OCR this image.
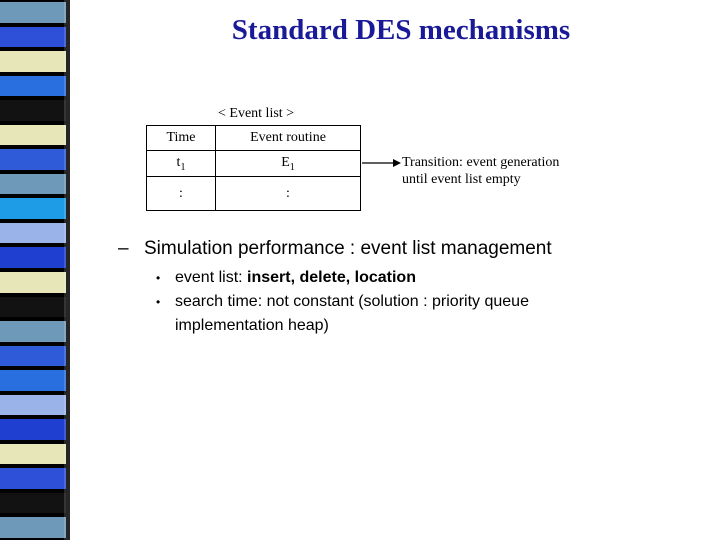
Standard DES mechanisms
< Event list >
Time	Event routine
$t_1$	$E_1$
:	:
Transition: event generation
until event list empty
– Simulation performance : event list management
• event list: insert, delete, location
• search time: not constant (solution : priority queue
implementation heap)
